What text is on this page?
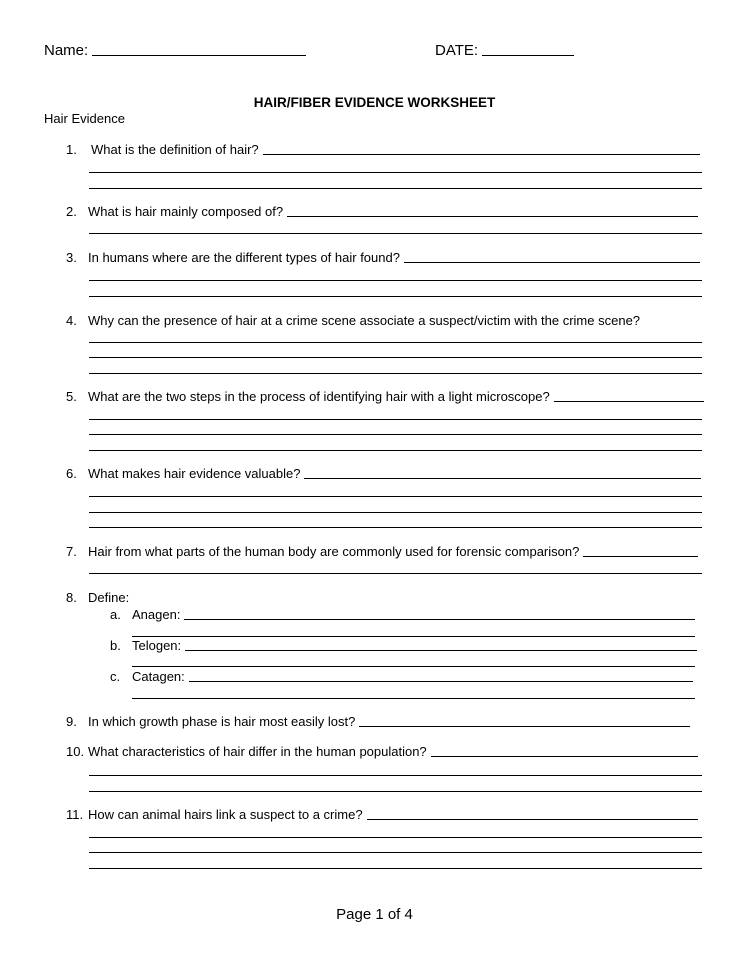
Name:	DATE:
HAIR/FIBER EVIDENCE WORKSHEET
Hair Evidence
1.	What is the definition of hair?
2. What is hair mainly composed of?
3. In humans where are the different types of hair found?
4. Why can the presence of hair at a crime scene associate a suspect/victim with the crime scene?
5. What are the two steps in the process of identifying hair with a light microscope?
6. What makes hair evidence valuable?
7. Hair from what parts of the human body are commonly used for forensic comparison?
8. Define:
a. Anagen:
b. Telogen:
c. Catagen:
9. In which growth phase is hair most easily lost?
10. What characteristics of hair differ in the human population?
11. How can animal hairs link a suspect to a crime?
Page 1 of 4
